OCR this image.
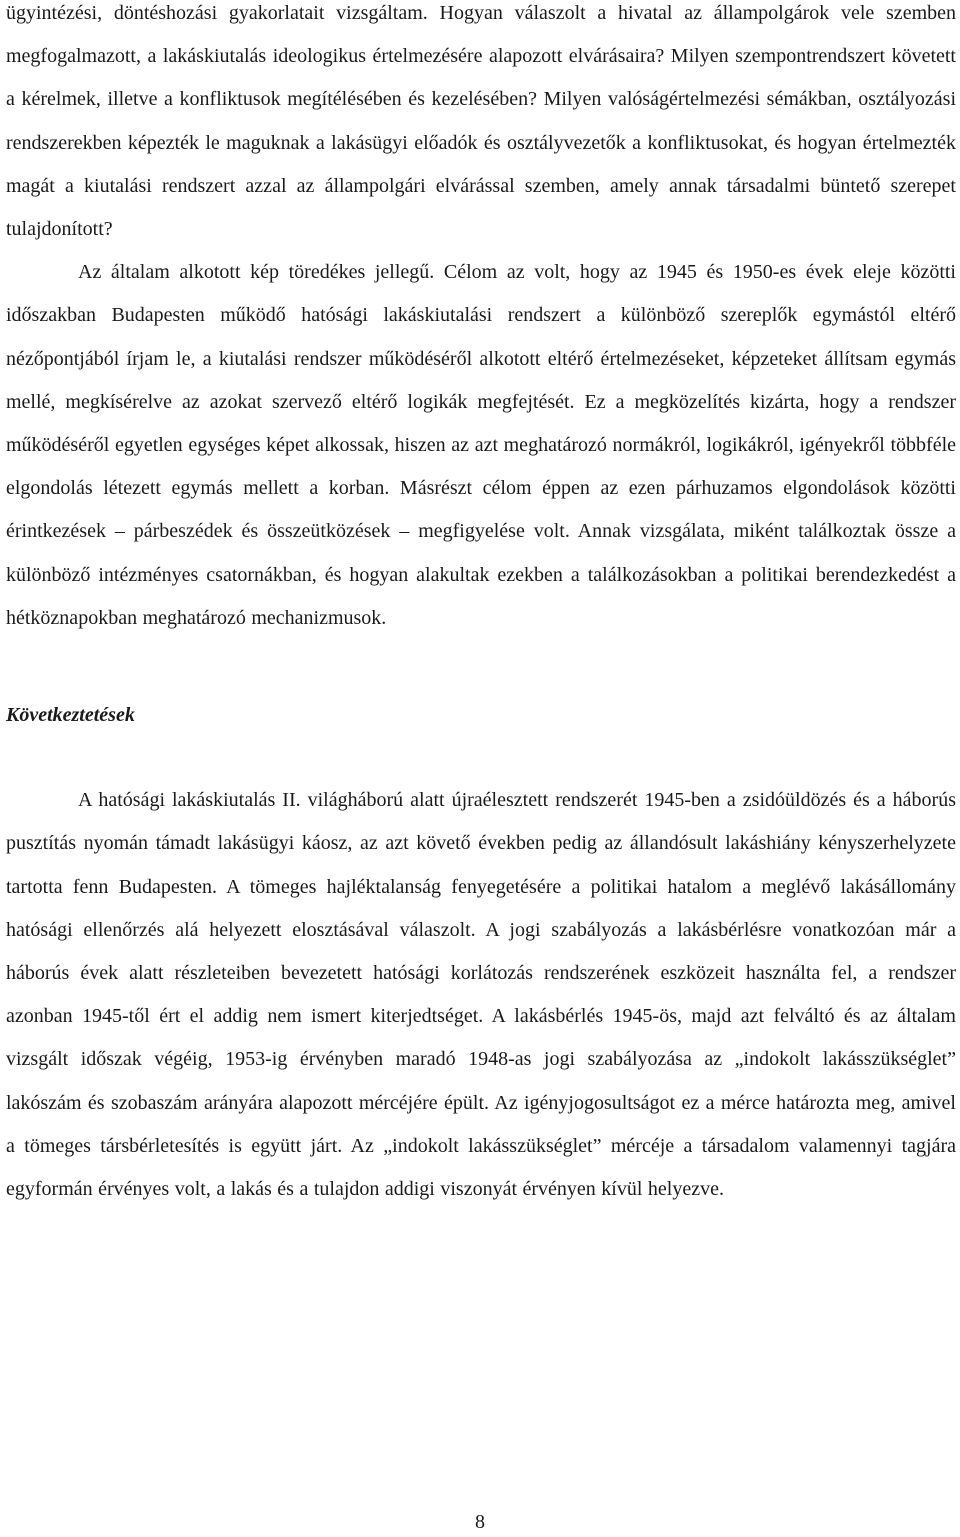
ügyintézési, döntéshozási gyakorlatait vizsgáltam. Hogyan válaszolt a hivatal az állampolgárok vele szemben megfogalmazott, a lakáskiutalás ideologikus értelmezésére alapozott elvárásaira? Milyen szempontrendszert követett a kérelmek, illetve a konfliktusok megítélésében és kezelésében? Milyen valóságértelmezési sémákban, osztályozási rendszerekben képezték le maguknak a lakásügyi előadók és osztályvezetők a konfliktusokat, és hogyan értelmezték magát a kiutalási rendszert azzal az állampolgári elvárással szemben, amely annak társadalmi büntető szerepet tulajdonított?

Az általam alkotott kép töredékes jellegű. Célom az volt, hogy az 1945 és 1950-es évek eleje közötti időszakban Budapesten működő hatósági lakáskiutalási rendszert a különböző szereplők egymástól eltérő nézőpontjából írjam le, a kiutalási rendszer működéséről alkotott eltérő értelmezéseket, képzeteket állítsam egymás mellé, megkísérelve az azokat szervező eltérő logikák megfejtését. Ez a megközelítés kizárta, hogy a rendszer működéséről egyetlen egységes képet alkossak, hiszen az azt meghatározó normákról, logikákról, igényekről többféle elgondolás létezett egymás mellett a korban. Másrészt célom éppen az ezen párhuzamos elgondolások közötti érintkezések – párbeszédek és összeütközések – megfigyelése volt. Annak vizsgálata, miként találkoztak össze a különböző intézményes csatornákban, és hogyan alakultak ezekben a találkozásokban a politikai berendezkedést a hétköznapokban meghatározó mechanizmusok.

Következtetések

A hatósági lakáskiutalás II. világháború alatt újraélesztett rendszerét 1945-ben a zsidóüldözés és a háborús pusztítás nyomán támadt lakásügyi káosz, az azt követő években pedig az állandósult lakáshiány kényszerhelyzete tartotta fenn Budapesten. A tömeges hajléktalanság fenyegetésére a politikai hatalom a meglévő lakásállomány hatósági ellenőrzés alá helyezett elosztásával válaszolt. A jogi szabályozás a lakásbérlésre vonatkozóan már a háborús évek alatt részleteiben bevezetett hatósági korlátozás rendszerének eszközeit használta fel, a rendszer azonban 1945-től ért el addig nem ismert kiterjedtséget. A lakásbérlés 1945-ös, majd azt felváltó és az általam vizsgált időszak végéig, 1953-ig érvényben maradó 1948-as jogi szabályozása az „indokolt lakásszükséglet” lakószám és szobaszám arányára alapozott mércéjére épült. Az igényjogosultságot ez a mérce határozta meg, amivel a tömeges társbérletesítés is együtt járt. Az „indokolt lakásszükséglet” mércéje a társadalom valamennyi tagjára egyformán érvényes volt, a lakás és a tulajdon addigi viszonyát érvényen kívül helyezve.

8
